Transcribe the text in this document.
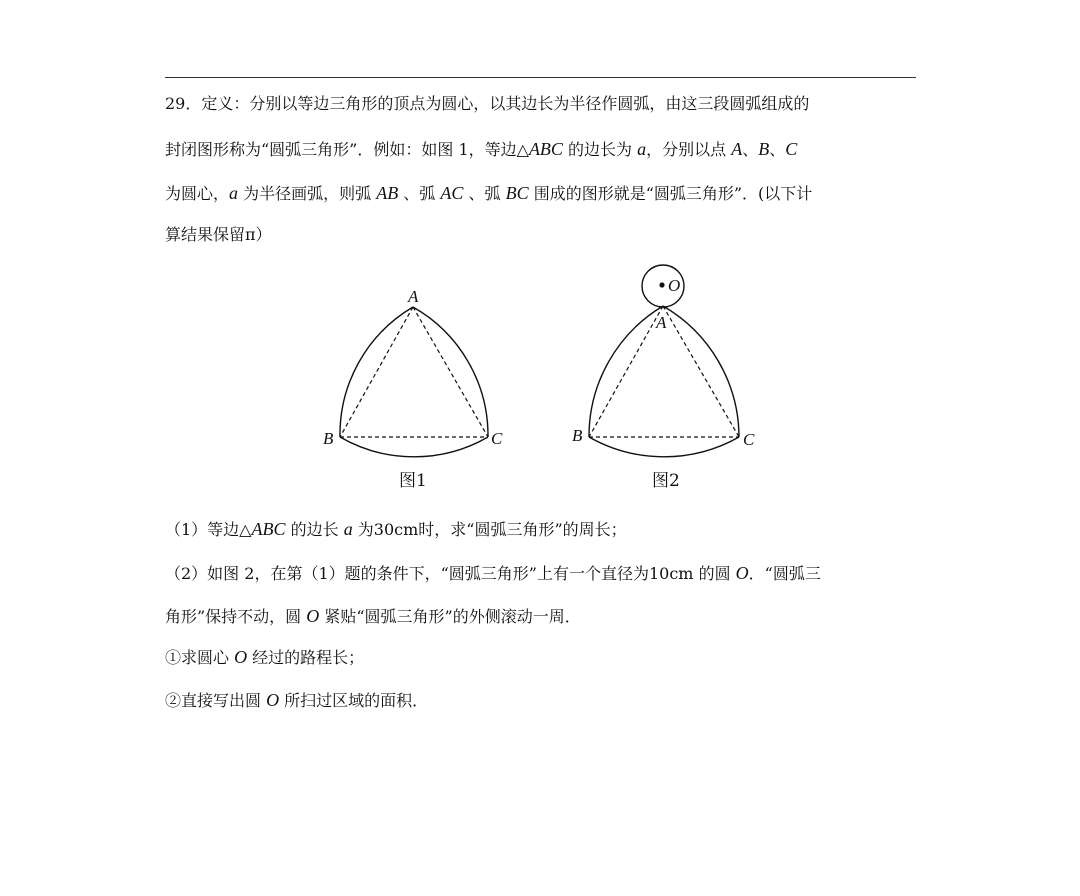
29．定义：分别以等边三角形的顶点为圆心，以其边长为半径作圆弧，由这三段圆弧组成的
封闭图形称为“圆弧三角形”．例如：如图 1，等边△ABC 的边长为 a，分别以点 A、B、C
为圆心，a 为半径画弧，则弧 AB 、弧 AC 、弧 BC 围成的图形就是“圆弧三角形”．(以下计
算结果保留π）
A
B	C
图1
O
A
B	C
图2
（1）等边△ABC 的边长 a 为30cm时，求“圆弧三角形”的周长；
（2）如图 2，在第（1）题的条件下，“圆弧三角形”上有一个直径为10cm 的圆 O．“圆弧三
角形”保持不动，圆 O 紧贴“圆弧三角形”的外侧滚动一周．
①求圆心 O 经过的路程长；
②直接写出圆 O 所扫过区域的面积．
